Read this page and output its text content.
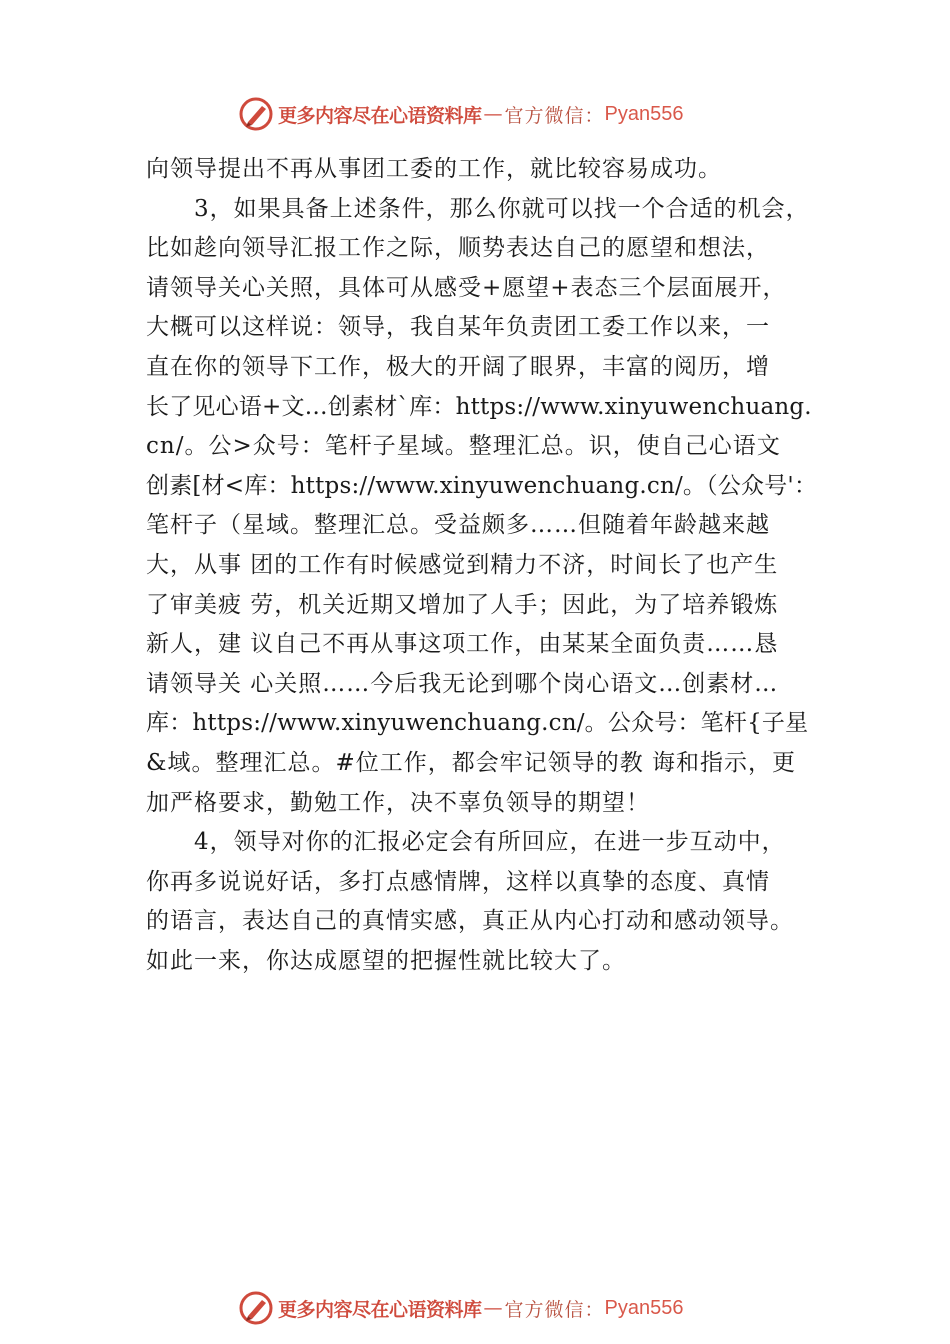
更多内容尽在心语资料库 — 官方微信： Pyan556
向领导提出不再从事团工委的工作，就比较容易成功。
　　3，如果具备上述条件，那么你就可以找一个合适的机会，
比如趁向领导汇报工作之际，顺势表达自己的愿望和想法，
请领导关心关照，具体可从感受+愿望+表态三个层面展开，
大概可以这样说：领导，我自某年负责团工委工作以来，一
直在你的领导下工作，极大的开阔了眼界，丰富的阅历，增
长了见心语+文…创素材`库：https://www.xinyuwenchuang.
cn/。公>众号：笔杆子星域。整理汇总。识，使自己心语文
创素[材<库：https://www.xinyuwenchuang.cn/。（公众号'：
笔杆子（星域。整理汇总。受益颇多……但随着年龄越来越
大，从事 团的工作有时候感觉到精力不济，时间长了也产生
了审美疲 劳，机关近期又增加了人手；因此，为了培养锻炼
新人，建 议自己不再从事这项工作，由某某全面负责……恳
请领导关 心关照……今后我无论到哪个岗心语文…创素材…
库：https://www.xinyuwenchuang.cn/。公众号：笔杆{子星
&域。整理汇总。#位工作，都会牢记领导的教 诲和指示，更
加严格要求，勤勉工作，决不辜负领导的期望！
　　4，领导对你的汇报必定会有所回应，在进一步互动中，
你再多说说好话，多打点感情牌，这样以真挚的态度、真情
的语言，表达自己的真情实感，真正从内心打动和感动领导。
如此一来，你达成愿望的把握性就比较大了。
更多内容尽在心语资料库 — 官方微信： Pyan556
